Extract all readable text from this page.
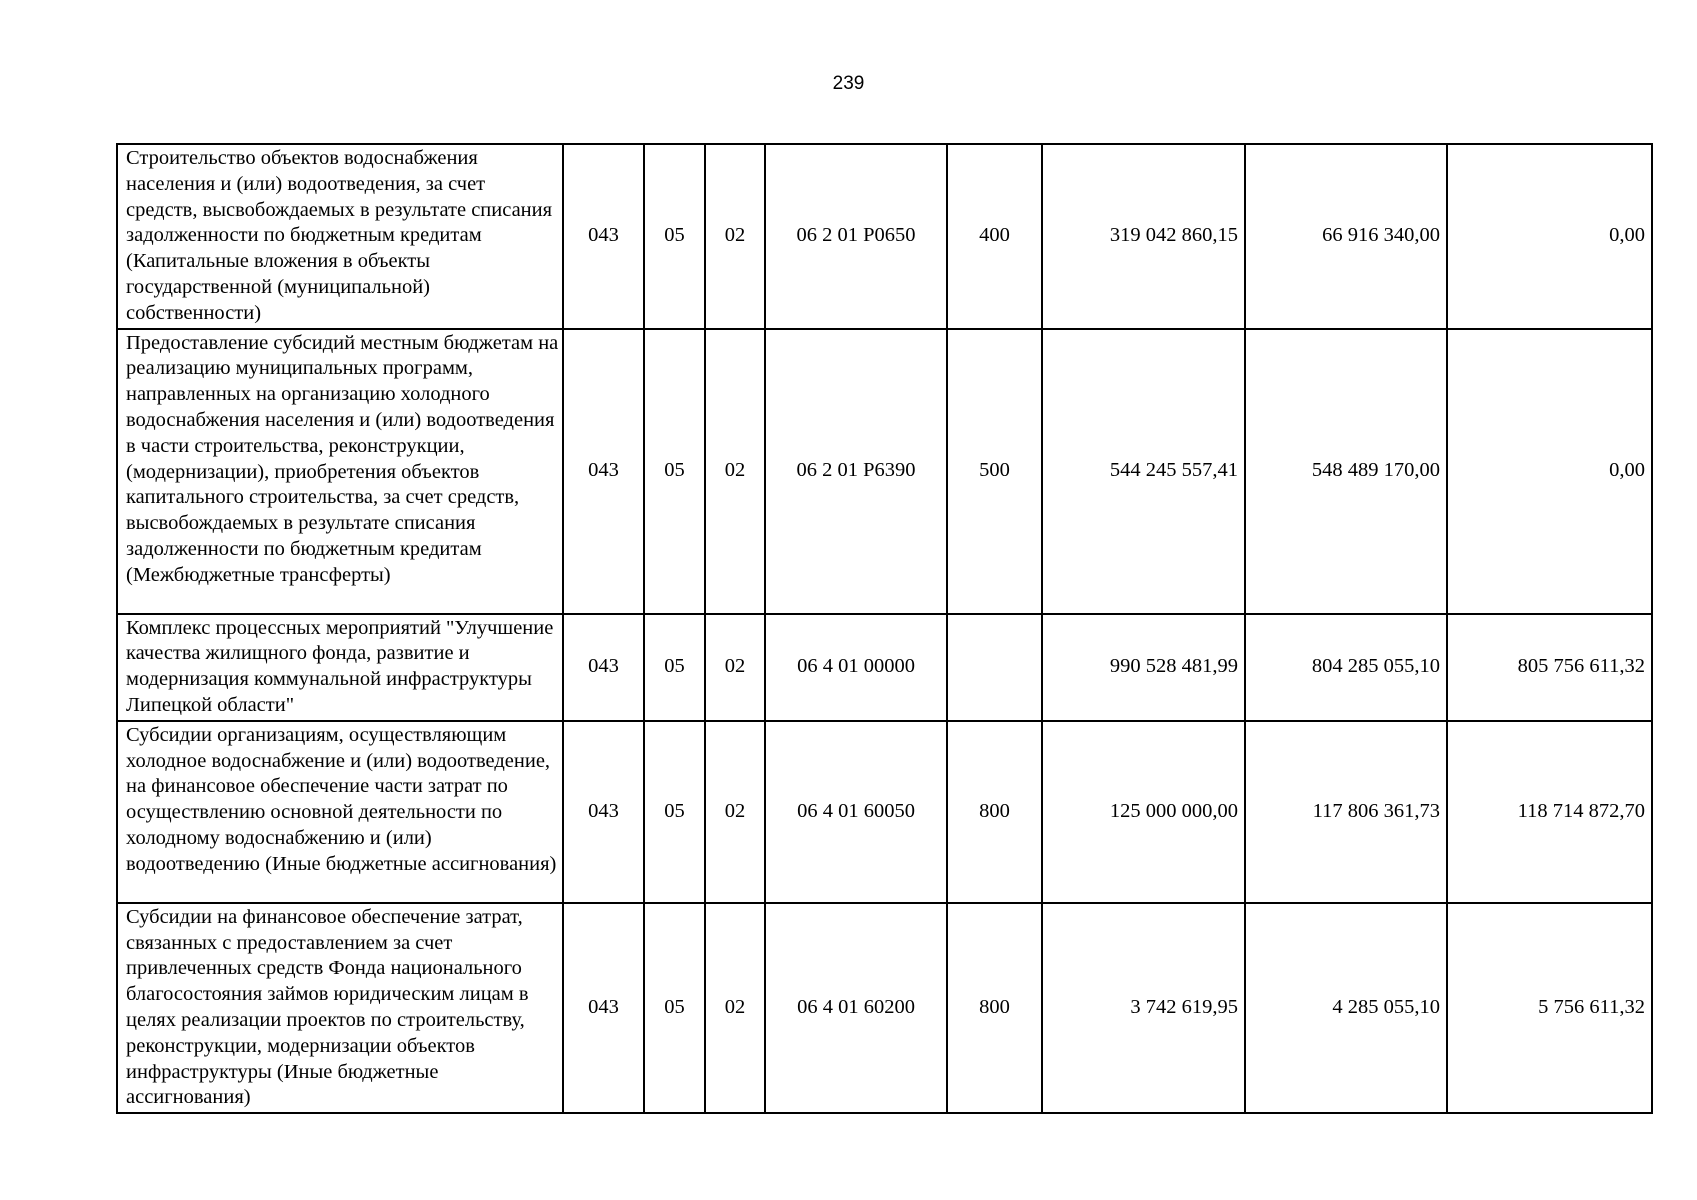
239
Строительство объектов водоснабжения населения и (или) водоотведения, за счет средств, высвобождаемых в результате списания задолженности по бюджетным кредитам (Капитальные вложения в объекты государственной (муниципальной) собственности)	043	05	02	06 2 01 Р0650	400	319 042 860,15	66 916 340,00	0,00
Предоставление субсидий местным бюджетам на реализацию муниципальных программ, направленных на организацию холодного водоснабжения населения и (или) водоотведения в части строительства, реконструкции, (модернизации), приобретения объектов капитального строительства, за счет средств, высвобождаемых в результате списания задолженности по бюджетным кредитам (Межбюджетные трансферты)	043	05	02	06 2 01 Р6390	500	544 245 557,41	548 489 170,00	0,00
Комплекс процессных мероприятий "Улучшение качества жилищного фонда, развитие и модернизация коммунальной инфраструктуры Липецкой области"	043	05	02	06 4 01 00000		990 528 481,99	804 285 055,10	805 756 611,32
Субсидии организациям, осуществляющим холодное водоснабжение и (или) водоотведение, на финансовое обеспечение части затрат по осуществлению основной деятельности по холодному водоснабжению и (или) водоотведению (Иные бюджетные ассигнования)	043	05	02	06 4 01 60050	800	125 000 000,00	117 806 361,73	118 714 872,70
Субсидии на финансовое обеспечение затрат, связанных с предоставлением за счет привлеченных средств Фонда национального благосостояния займов юридическим лицам в целях реализации проектов по строительству, реконструкции, модернизации объектов инфраструктуры (Иные бюджетные ассигнования)	043	05	02	06 4 01 60200	800	3 742 619,95	4 285 055,10	5 756 611,32
